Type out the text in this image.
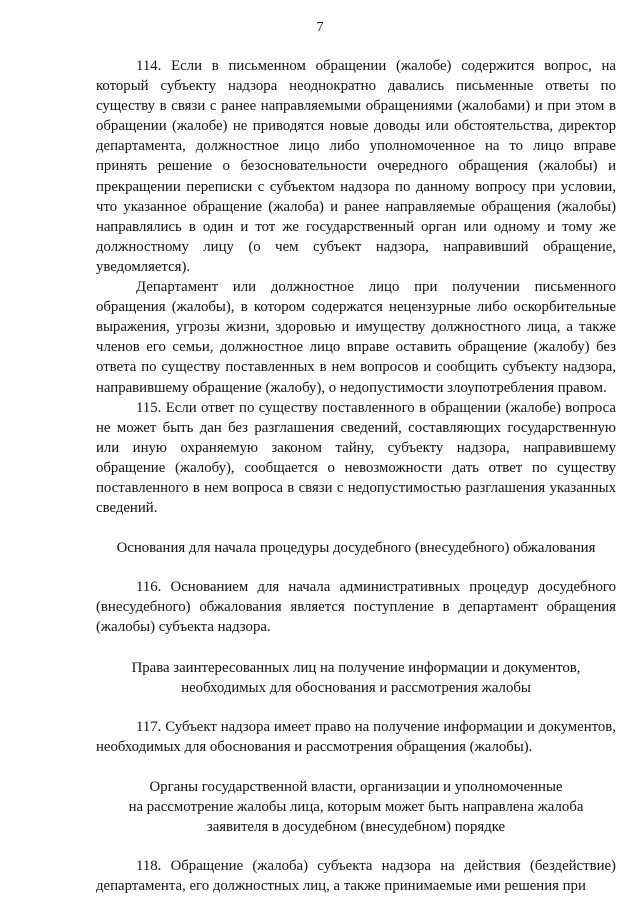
7

114. Если в письменном обращении (жалобе) содержится вопрос, на который субъекту надзора неоднократно давались письменные ответы по существу в связи с ранее направляемыми обращениями (жалобами) и при этом в обращении (жалобе) не приводятся новые доводы или обстоятельства, директор департамента, должностное лицо либо уполномоченное на то лицо вправе принять решение о безосновательности очередного обращения (жалобы) и прекращении переписки с субъектом надзора по данному вопросу при условии, что указанное обращение (жалоба) и ранее направляемые обращения (жалобы) направлялись в один и тот же государственный орган или одному и тому же должностному лицу (о чем субъект надзора, направивший обращение, уведомляется).

Департамент или должностное лицо при получении письменного обращения (жалобы), в котором содержатся нецензурные либо оскорбительные выражения, угрозы жизни, здоровью и имуществу должностного лица, а также членов его семьи, должностное лицо вправе оставить обращение (жалобу) без ответа по существу поставленных в нем вопросов и сообщить субъекту надзора, направившему обращение (жалобу), о недопустимости злоупотребления правом.

115. Если ответ по существу поставленного в обращении (жалобе) вопроса не может быть дан без разглашения сведений, составляющих государственную или иную охраняемую законом тайну, субъекту надзора, направившему обращение (жалобу), сообщается о невозможности дать ответ по существу поставленного в нем вопроса в связи с недопустимостью разглашения указанных сведений.

Основания для начала процедуры досудебного (внесудебного) обжалования

116. Основанием для начала административных процедур досудебного (внесудебного) обжалования является поступление в департамент обращения (жалобы) субъекта надзора.

Права заинтересованных лиц на получение информации и документов,
необходимых для обоснования и рассмотрения жалобы

117. Субъект надзора имеет право на получение информации и документов, необходимых для обоснования и рассмотрения обращения (жалобы).

Органы государственной власти, организации и уполномоченные
на рассмотрение жалобы лица, которым может быть направлена жалоба
заявителя в досудебном (внесудебном) порядке

118. Обращение (жалоба) субъекта надзора на действия (бездействие) департамента, его должностных лиц, а также принимаемые ими решения при
